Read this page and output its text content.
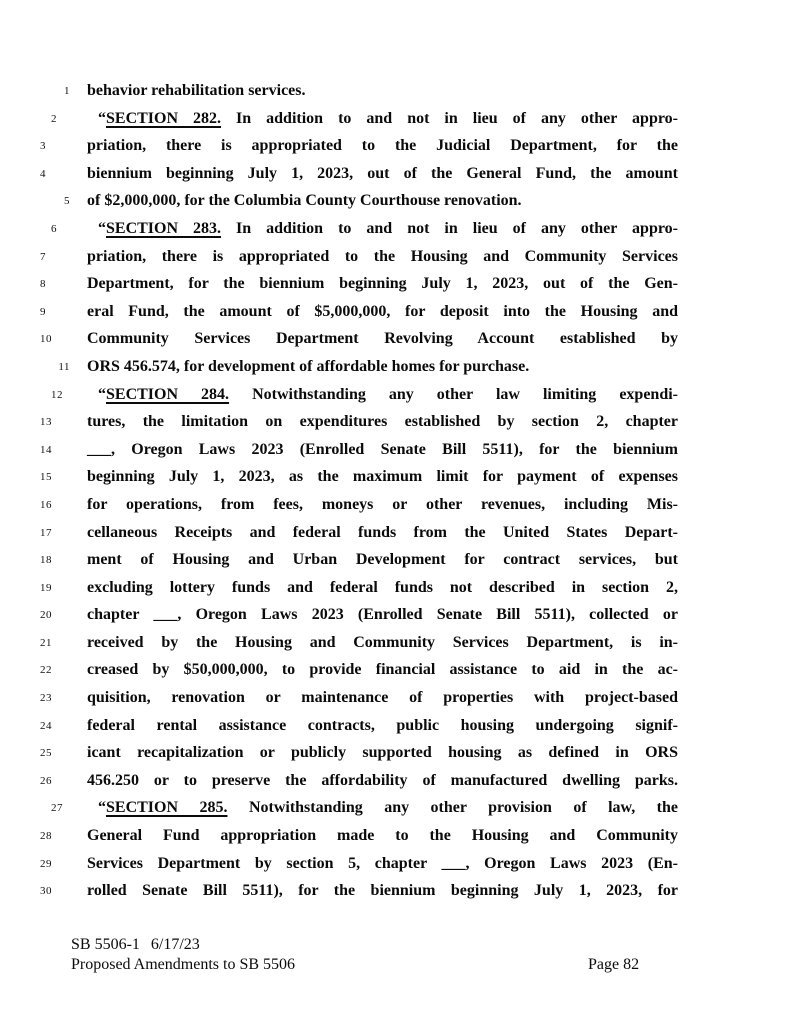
1 behavior rehabilitation services.
2	“SECTION 282. In addition to and not in lieu of any other appro-
3	priation, there is appropriated to the Judicial Department, for the
4	biennium beginning July 1, 2023, out of the General Fund, the amount
5 of $2,000,000, for the Columbia County Courthouse renovation.
6	“SECTION 283. In addition to and not in lieu of any other appro-
7	priation, there is appropriated to the Housing and Community Services
8	Department, for the biennium beginning July 1, 2023, out of the Gen-
9	eral Fund, the amount of $5,000,000, for deposit into the Housing and
10	Community Services Department Revolving Account established by
11 ORS 456.574, for development of affordable homes for purchase.
12	“SECTION 284. Notwithstanding any other law limiting expendi-
13	tures, the limitation on expenditures established by section 2, chapter
14	___, Oregon Laws 2023 (Enrolled Senate Bill 5511), for the biennium
15	beginning July 1, 2023, as the maximum limit for payment of expenses
16	for operations, from fees, moneys or other revenues, including Mis-
17	cellaneous Receipts and federal funds from the United States Depart-
18	ment of Housing and Urban Development for contract services, but
19	excluding lottery funds and federal funds not described in section 2,
20	chapter ___, Oregon Laws 2023 (Enrolled Senate Bill 5511), collected or
21	received by the Housing and Community Services Department, is in-
22	creased by $50,000,000, to provide financial assistance to aid in the ac-
23	quisition, renovation or maintenance of properties with project-based
24	federal rental assistance contracts, public housing undergoing signif-
25	icant recapitalization or publicly supported housing as defined in ORS
26	456.250 or to preserve the affordability of manufactured dwelling parks.
27	“SECTION 285. Notwithstanding any other provision of law, the
28	General Fund appropriation made to the Housing and Community
29	Services Department by section 5, chapter ___, Oregon Laws 2023 (En-
30	rolled Senate Bill 5511), for the biennium beginning July 1, 2023, for
SB 5506-1 6/17/23
Proposed Amendments to SB 5506	Page 82
